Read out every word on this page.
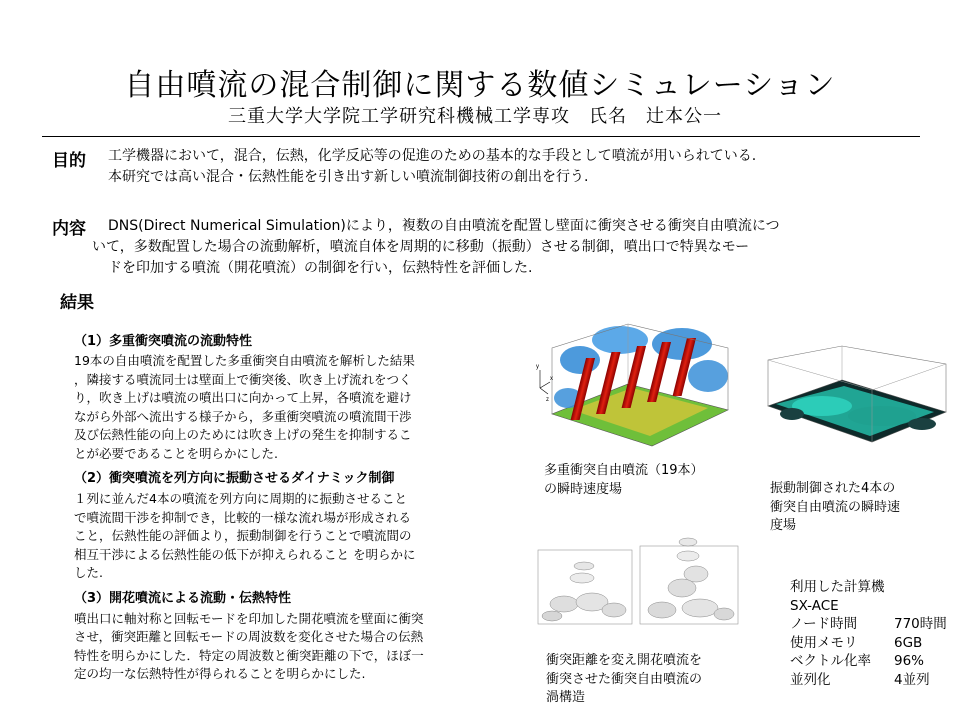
自由噴流の混合制御に関する数値シミュレーション
三重大学大学院工学研究科機械工学専攻　氏名　辻本公一
目的 工学機器において，混合，伝熱，化学反応等の促進のための基本的な手段として噴流が用いられている.
本研究では高い混合・伝熱性能を引き出す新しい噴流制御技術の創出を行う.
内容 DNS(Direct Numerical Simulation)により，複数の自由噴流を配置し壁面に衝突させる衝突自由噴流につ
いて，多数配置した場合の流動解析，噴流自体を周期的に移動（振動）させる制御，噴出口で特異なモー
ドを印加する噴流（開花噴流）の制御を行い，伝熱特性を評価した.
結果
（1）多重衝突噴流の流動特性
19本の自由噴流を配置した多重衝突自由噴流を解析した結果
，隣接する噴流同士は壁面上で衝突後、吹き上げ流れをつく
り，吹き上げは噴流の噴出口に向かって上昇，各噴流を避け
ながら外部へ流出する様子から，多重衝突噴流の噴流間干渉
及び伝熱性能の向上のためには吹き上げの発生を抑制するこ
とが必要であることを明らかにした.
（2）衝突噴流を列方向に振動させるダイナミック制御
１列に並んだ4本の噴流を列方向に周期的に振動させること
で噴流間干渉を抑制でき，比較的一様な流れ場が形成される
こと，伝熱性能の評価より，振動制御を行うことで噴流間の
相互干渉による伝熱性能の低下が抑えられること を明らかに
した.
（3）開花噴流による流動・伝熱特性
噴出口に軸対称と回転モードを印加した開花噴流を壁面に衝突
させ，衝突距離と回転モードの周波数を変化させた場合の伝熱
特性を明らかにした．特定の周波数と衝突距離の下で，ほぼ一
定の均一な伝熱特性が得られることを明らかにした.
y
x
z
多重衝突自由噴流（19本）
の瞬時速度場	振動制御された4本の
衝突自由噴流の瞬時速
度場
衝突距離を変え開花噴流を
衝突させた衝突自由噴流の
渦構造
利用した計算機
SX-ACE
ノード時間	770時間
使用メモリ	6GB
ベクトル化率	96%
並列化	4並列
